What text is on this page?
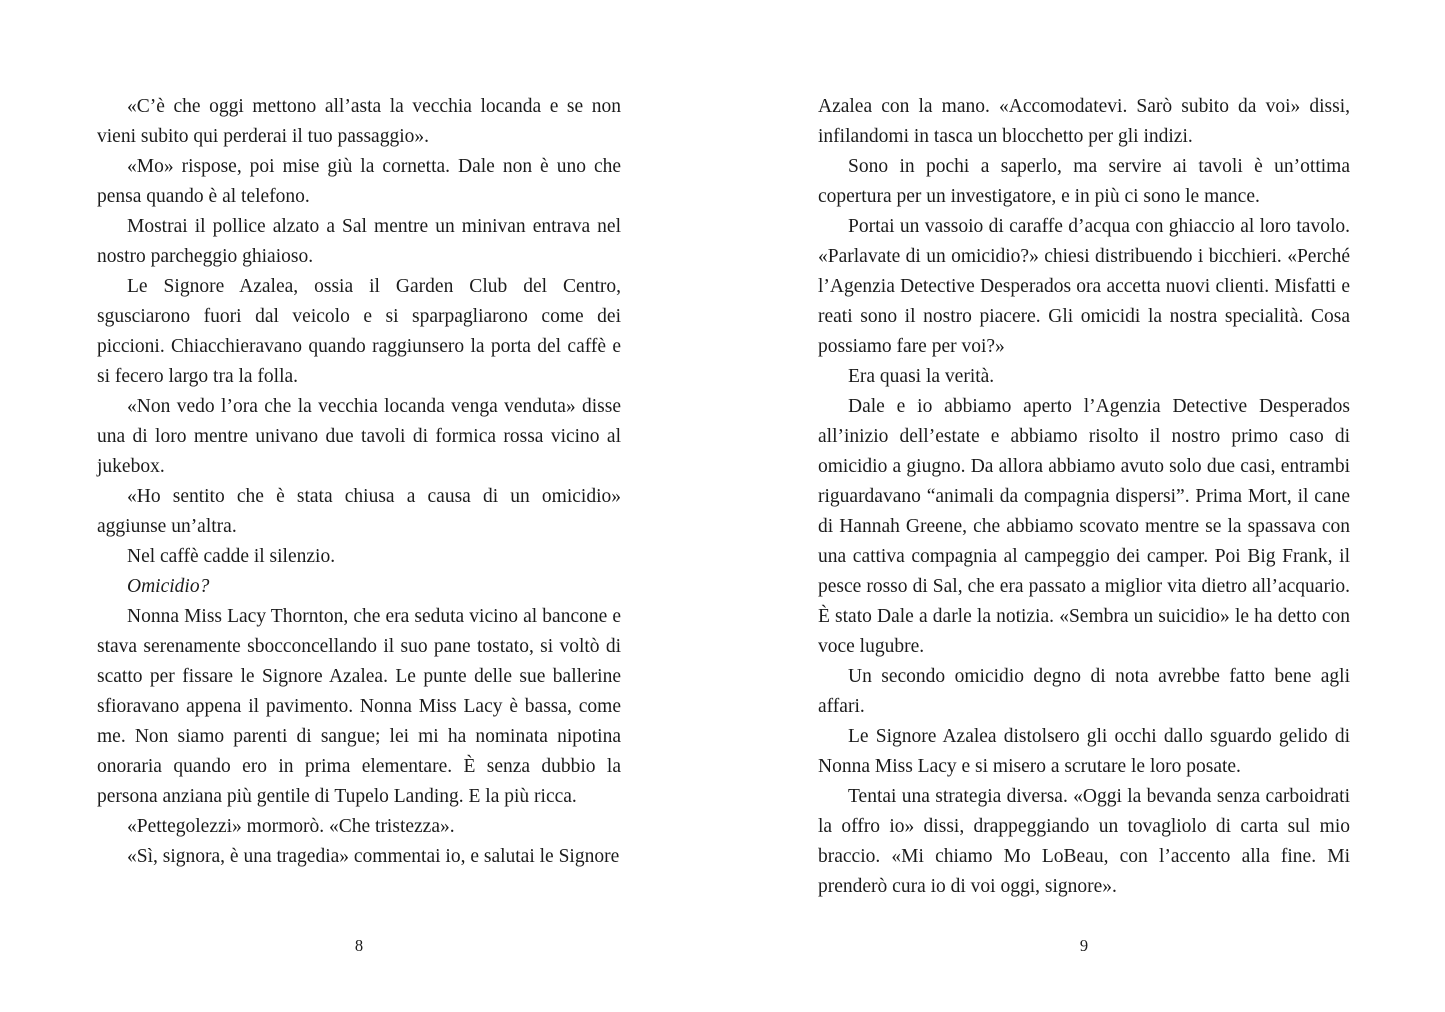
«C’è che oggi mettono all’asta la vecchia locanda e se non vieni subito qui perderai il tuo passaggio».

«Mo» rispose, poi mise giù la cornetta. Dale non è uno che pensa quando è al telefono.

Mostrai il pollice alzato a Sal mentre un minivan entrava nel nostro parcheggio ghiaioso.

Le Signore Azalea, ossia il Garden Club del Centro, sgusciarono fuori dal veicolo e si sparpagliarono come dei piccioni. Chiacchieravano quando raggiunsero la porta del caffè e si fecero largo tra la folla.

«Non vedo l’ora che la vecchia locanda venga venduta» disse una di loro mentre univano due tavoli di formica rossa vicino al jukebox.

«Ho sentito che è stata chiusa a causa di un omicidio» aggiunse un’altra.

Nel caffè cadde il silenzio.

Omicidio?

Nonna Miss Lacy Thornton, che era seduta vicino al bancone e stava serenamente sbocconcellando il suo pane tostato, si voltò di scatto per fissare le Signore Azalea. Le punte delle sue ballerine sfioravano appena il pavimento. Nonna Miss Lacy è bassa, come me. Non siamo parenti di sangue; lei mi ha nominata nipotina onoraria quando ero in prima elementare. È senza dubbio la persona anziana più gentile di Tupelo Landing. E la più ricca.

«Pettegolezzi» mormorò. «Che tristezza».

«Sì, signora, è una tragedia» commentai io, e salutai le Signore

8

Azalea con la mano. «Accomodatevi. Sarò subito da voi» dissi, infilandomi in tasca un blocchetto per gli indizi.

Sono in pochi a saperlo, ma servire ai tavoli è un’ottima copertura per un investigatore, e in più ci sono le mance.

Portai un vassoio di caraffe d’acqua con ghiaccio al loro tavolo. «Parlavate di un omicidio?» chiesi distribuendo i bicchieri. «Perché l’Agenzia Detective Desperados ora accetta nuovi clienti. Misfatti e reati sono il nostro piacere. Gli omicidi la nostra specialità. Cosa possiamo fare per voi?»

Era quasi la verità.

Dale e io abbiamo aperto l’Agenzia Detective Desperados all’inizio dell’estate e abbiamo risolto il nostro primo caso di omicidio a giugno. Da allora abbiamo avuto solo due casi, entrambi riguardavano “animali da compagnia dispersi”. Prima Mort, il cane di Hannah Greene, che abbiamo scovato mentre se la spassava con una cattiva compagnia al campeggio dei camper. Poi Big Frank, il pesce rosso di Sal, che era passato a miglior vita dietro all’acquario. È stato Dale a darle la notizia. «Sembra un suicidio» le ha detto con voce lugubre.

Un secondo omicidio degno di nota avrebbe fatto bene agli affari.

Le Signore Azalea distolsero gli occhi dallo sguardo gelido di Nonna Miss Lacy e si misero a scrutare le loro posate.

Tentai una strategia diversa. «Oggi la bevanda senza carboidrati la offro io» dissi, drappeggiando un tovagliolo di carta sul mio braccio. «Mi chiamo Mo LoBeau, con l’accento alla fine. Mi prenderò cura io di voi oggi, signore».

9
